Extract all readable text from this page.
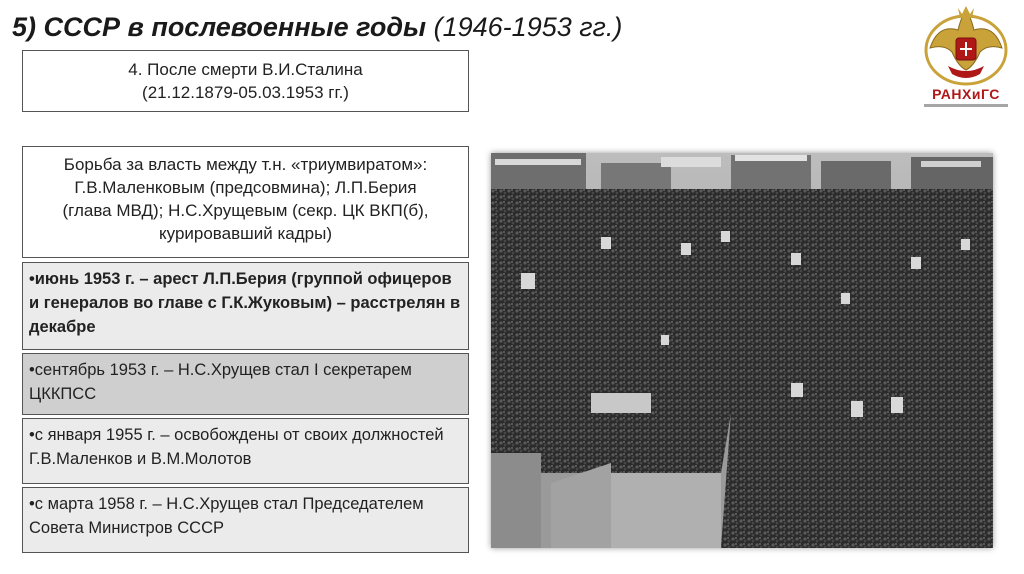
5) СССР в послевоенные годы (1946-1953 гг.)
РАНХиГС
4. После смерти В.И.Сталина
(21.12.1879-05.03.1953 гг.)
Борьба за власть между т.н. «триумвиратом»:
Г.В.Маленковым (предсовмина); Л.П.Берия
(глава МВД); Н.С.Хрущевым (секр. ЦК ВКП(б),
курировавший кадры)
•июнь 1953 г. – арест Л.П.Берия (группой офицеров и генералов во главе с Г.К.Жуковым) – расстрелян в декабре
•сентябрь 1953 г. – Н.С.Хрущев стал I секретарем ЦККПСС
•с января 1955 г. – освобождены от своих должностей Г.В.Маленков и В.М.Молотов
•с марта 1958 г. – Н.С.Хрущев стал Председателем Совета Министров СССР
